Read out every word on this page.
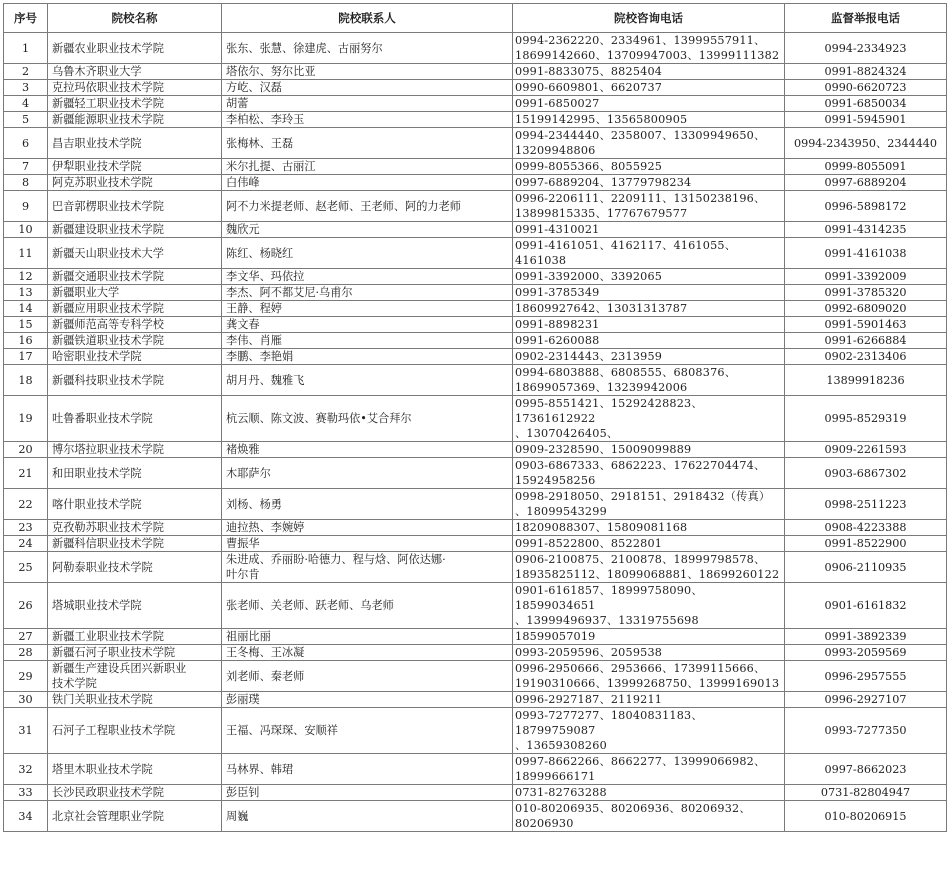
序号	院校名称	院校联系人	院校咨询电话	监督举报电话
1	新疆农业职业技术学院	张东、张慧、徐建虎、古丽努尔	0994-2362220、2334961、13999557911、
18699142660、13709947003、13999111382	0994-2334923
2	乌鲁木齐职业大学	塔依尔、努尔比亚	0991-8833075、8825404	0991-8824324
3	克拉玛依职业技术学院	方屹、汉磊	0990-6609801、6620737	0990-6620723
4	新疆轻工职业技术学院	胡蕾	0991-6850027	0991-6850034
5	新疆能源职业技术学院	李柏松、李玲玉	15199142995、13565800905	0991-5945901
6	昌吉职业技术学院	张梅林、王磊	0994-2344440、2358007、13309949650、
13209948806	0994-2343950、2344440
7	伊犁职业技术学院	米尔扎提、古丽江	0999-8055366、8055925	0999-8055091
8	阿克苏职业技术学院	白伟峰	0997-6889204、13779798234	0997-6889204
9	巴音郭楞职业技术学院	阿不力米提老师、赵老师、王老师、阿的力老师	0996-2206111、2209111、13150238196、
13899815335、17767679577	0996-5898172
10	新疆建设职业技术学院	魏欣元	0991-4310021	0991-4314235
11	新疆天山职业技术大学	陈红、杨晓红	0991-4161051、4162117、4161055、
4161038	0991-4161038
12	新疆交通职业技术学院	李文华、玛依拉	0991-3392000、3392065	0991-3392009
13	新疆职业大学	李杰、阿不都艾尼·乌甫尔	0991-3785349	0991-3785320
14	新疆应用职业技术学院	王静、程婷	18609927642、13031313787	0992-6809020
15	新疆师范高等专科学校	龚文春	0991-8898231	0991-5901463
16	新疆铁道职业技术学院	李伟、肖雁	0991-6260088	0991-6266884
17	哈密职业技术学院	李鹏、李艳娟	0902-2314443、2313959	0902-2313406
18	新疆科技职业技术学院	胡月丹、魏雅飞	0994-6803888、6808555、6808376、
18699057369、13239942006	13899918236
19	吐鲁番职业技术学院	杭云顺、陈文波、赛勒玛依•艾合拜尔	0995-8551421、15292428823、17361612922
、13070426405、	0995-8529319
20	博尔塔拉职业技术学院	褚焕雅	0909-2328590、15009099889	0909-2261593
21	和田职业技术学院	木耶萨尔	0903-6867333、6862223、17622704474、
15924958256	0903-6867302
22	喀什职业技术学院	刘杨、杨勇	0998-2918050、2918151、2918432（传真）
、18099543299	0998-2511223
23	克孜勒苏职业技术学院	迪拉热、李婉婷	18209088307、15809081168	0908-4223388
24	新疆科信职业技术学院	曹振华	0991-8522800、8522801	0991-8522900
25	阿勒泰职业技术学院	朱进成、乔丽盼·哈德力、程与焓、阿依达娜·
叶尔肯	0906-2100875、2100878、18999798578、
18935825112、18099068881、18699260122	0906-2110935
26	塔城职业技术学院	张老师、关老师、跃老师、乌老师	0901-6161857、18999758090、18599034651
、13999496937、13319755698	0901-6161832
27	新疆工业职业技术学院	祖丽比丽	18599057019	0991-3892339
28	新疆石河子职业技术学院	王冬梅、王冰凝	0993-2059596、2059538	0993-2059569
29	新疆生产建设兵团兴新职业
技术学院	刘老师、秦老师	0996-2950666、2953666、17399115666、
19190310666、13999268750、13999169013	0996-2957555
30	铁门关职业技术学院	彭丽璞	0996-2927187、2119211	0996-2927107
31	石河子工程职业技术学院	王福、冯琛琛、安顺祥	0993-7277277、18040831183、18799759087
、13659308260	0993-7277350
32	塔里木职业技术学院	马林界、韩珺	0997-8662266、8662277、13999066982、
18999666171	0997-8662023
33	长沙民政职业技术学院	彭臣钊	0731-82763288	0731-82804947
34	北京社会管理职业学院	周巍	010-80206935、80206936、80206932、
80206930	010-80206915
